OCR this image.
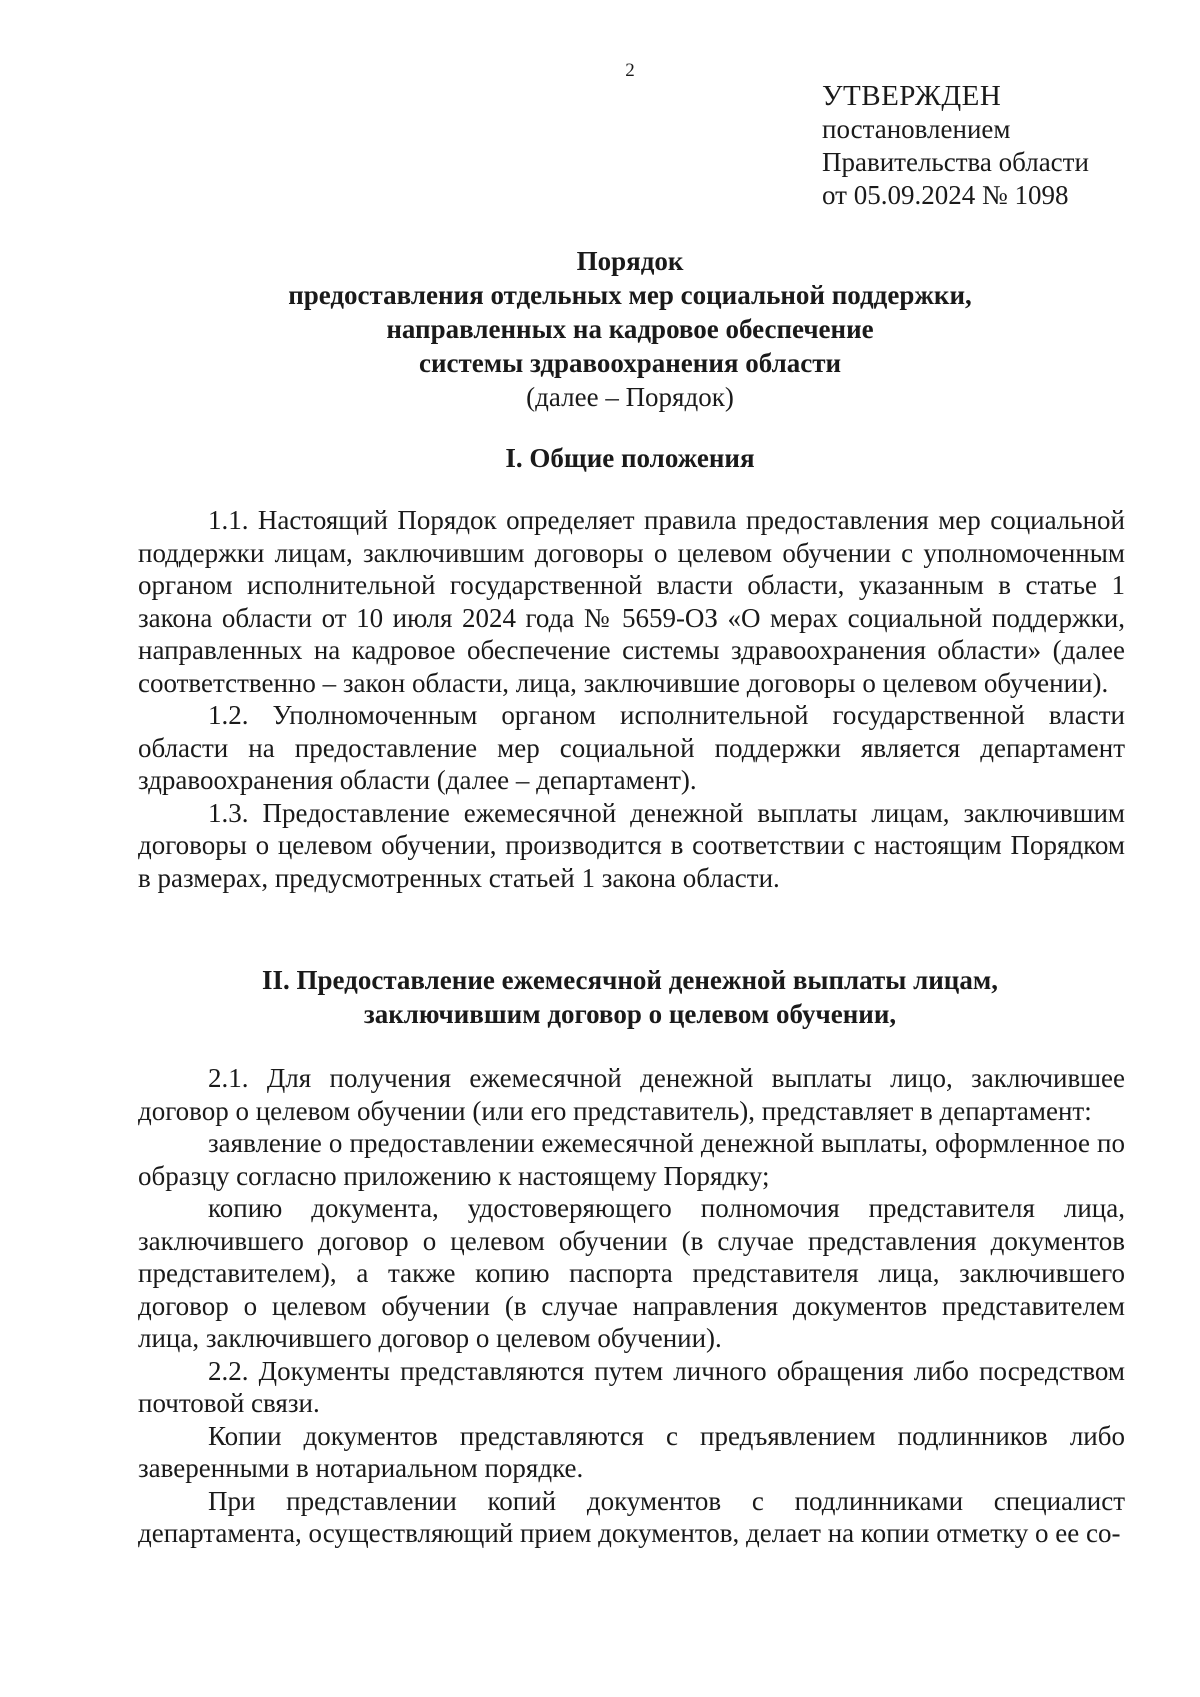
2
УТВЕРЖДЕН
постановлением
Правительства области
от 05.09.2024 № 1098
Порядок
предоставления отдельных мер социальной поддержки,
направленных на кадровое обеспечение
системы здравоохранения области
(далее – Порядок)
I. Общие положения

1.1. Настоящий Порядок определяет правила предоставления мер социальной поддержки лицам, заключившим договоры о целевом обучении с уполномоченным органом исполнительной государственной власти области, указанным в статье 1 закона области от 10 июля 2024 года № 5659-ОЗ «О мерах социальной поддержки, направленных на кадровое обеспечение системы здравоохранения области» (далее соответственно – закон области, лица, заключившие договоры о целевом обучении).

1.2. Уполномоченным органом исполнительной государственной власти области на предоставление мер социальной поддержки является департамент здравоохранения области (далее – департамент).

1.3. Предоставление ежемесячной денежной выплаты лицам, заключившим договоры о целевом обучении, производится в соответствии с настоящим Порядком в размерах, предусмотренных статьей 1 закона области.

II. Предоставление ежемесячной денежной выплаты лицам,
заключившим договор о целевом обучении,

2.1. Для получения ежемесячной денежной выплаты лицо, заключившее договор о целевом обучении (или его представитель), представляет в департамент:

заявление о предоставлении ежемесячной денежной выплаты, оформленное по образцу согласно приложению к настоящему Порядку;

копию документа, удостоверяющего полномочия представителя лица, заключившего договор о целевом обучении (в случае представления документов представителем), а также копию паспорта представителя лица, заключившего договор о целевом обучении (в случае направления документов представителем лица, заключившего договор о целевом обучении).

2.2. Документы представляются путем личного обращения либо посредством почтовой связи.

Копии документов представляются с предъявлением подлинников либо заверенными в нотариальном порядке.

При представлении копий документов с подлинниками специалист департамента, осуществляющий прием документов, делает на копии отметку о ее со-
